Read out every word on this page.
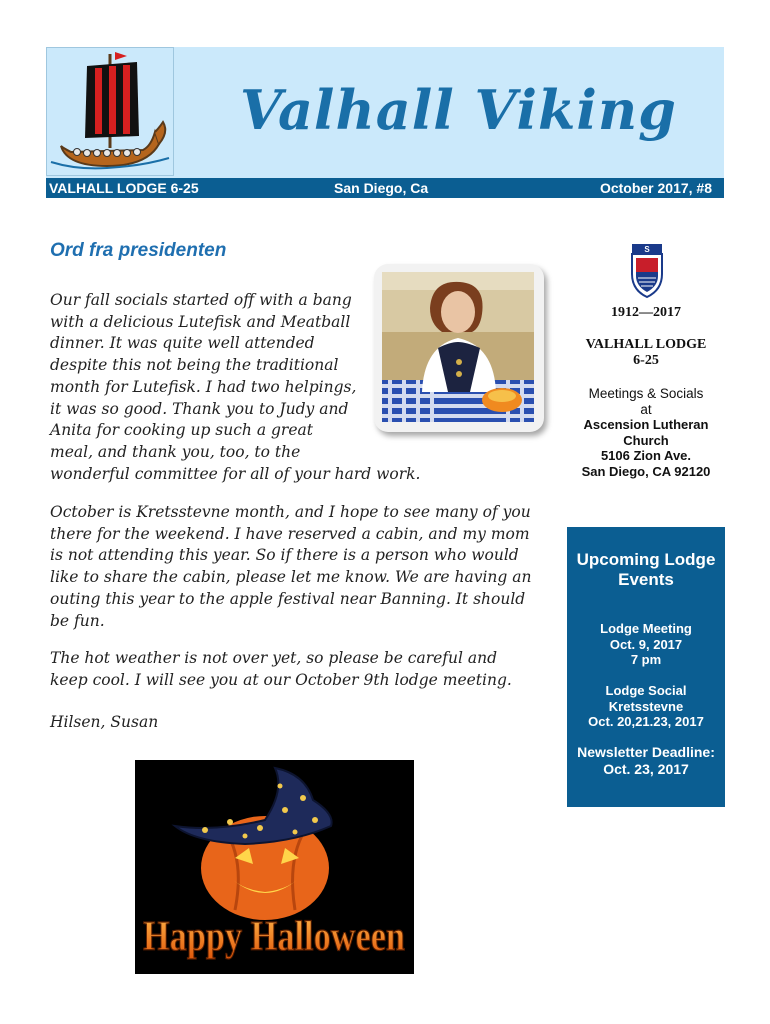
Valhall Viking
VALHALL LODGE 6-25	San Diego, Ca	October 2017, #8
Ord fra presidenten
Our fall socials started off with a bang with a delicious Lutefisk and Meatball dinner. It was quite well attended despite this not being the traditional month for Lutefisk. I had two helpings, it was so good. Thank you to Judy and Anita for cooking up such a great meal, and thank you, too, to the wonderful committee for all of your hard work.
October is Kretsstevne month, and I hope to see many of you there for the weekend. I have reserved a cabin, and my mom is not attending this year. So if there is a person who would like to share the cabin, please let me know. We are having an outing this year to the apple festival near Banning. It should be fun.
The hot weather is not over yet, so please be careful and keep cool. I will see you at our October 9th lodge meeting.
Hilsen, Susan
S
1912—2017
VALHALL LODGE
6-25
Meetings & Socials
at
Ascension Lutheran
Church
5106 Zion Ave.
San Diego, CA 92120
Upcoming Lodge
Events
Lodge Meeting
Oct. 9, 2017
7 pm
Lodge Social
Kretsstevne
Oct. 20,21.23, 2017
Newsletter Deadline:
Oct. 23, 2017
Happy Halloween
